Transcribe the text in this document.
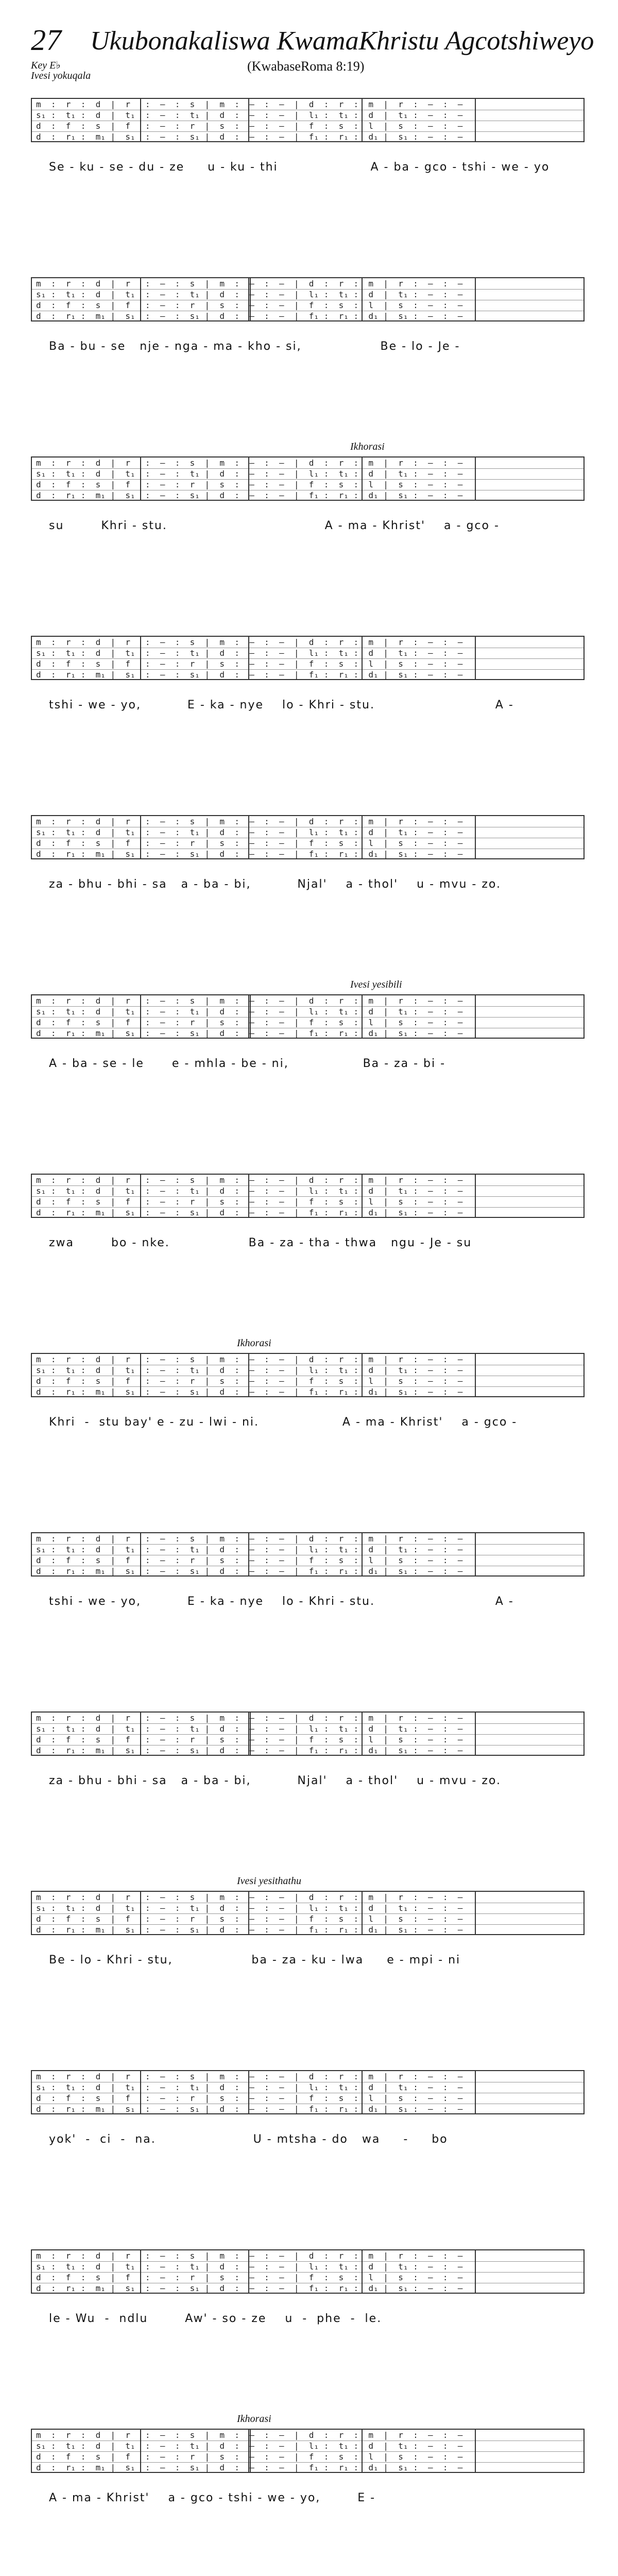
27 Ukubonakaliswa KwamaKhristu Agcotshiweyo
Key E♭
Ivesi yokuqala
(KwabaseRoma 8:19)
m  :  r  :  d  |  r   :  —  :  s  |  m  :  —  :  —  |  d  :  r  :  m  |  r  :  —  :  —
s₁ :  t₁ :  d  |  t₁  :  —  :  t₁ |  d  :  —  :  —  |  l₁ :  t₁ :  d  |  t₁ :  —  :  —
d  :  f  :  s  |  f   :  —  :  r  |  s  :  —  :  —  |  f  :  s  :  l  |  s  :  —  :  —
d  :  r₁ :  m₁ |  s₁  :  —  :  s₁ |  d  :  —  :  —  |  f₁ :  r₁ :  d₁ |  s₁ :  —  :  —
Se - ku - se - du - ze     u - ku - thi                    A - ba - gco - tshi - we - yo
m  :  r  :  d  |  r   :  —  :  s  |  m  :  —  :  —  |  d  :  r  :  m  |  r  :  —  :  —
s₁ :  t₁ :  d  |  t₁  :  —  :  t₁ |  d  :  —  :  —  |  l₁ :  t₁ :  d  |  t₁ :  —  :  —
d  :  f  :  s  |  f   :  —  :  r  |  s  :  —  :  —  |  f  :  s  :  l  |  s  :  —  :  —
d  :  r₁ :  m₁ |  s₁  :  —  :  s₁ |  d  :  —  :  —  |  f₁ :  r₁ :  d₁ |  s₁ :  —  :  —
Ba - bu - se   nje - nga - ma - kho - si,                 Be - lo - Je -
Ikhorasi
m  :  r  :  d  |  r   :  —  :  s  |  m  :  —  :  —  |  d  :  r  :  m  |  r  :  —  :  —
s₁ :  t₁ :  d  |  t₁  :  —  :  t₁ |  d  :  —  :  —  |  l₁ :  t₁ :  d  |  t₁ :  —  :  —
d  :  f  :  s  |  f   :  —  :  r  |  s  :  —  :  —  |  f  :  s  :  l  |  s  :  —  :  —
d  :  r₁ :  m₁ |  s₁  :  —  :  s₁ |  d  :  —  :  —  |  f₁ :  r₁ :  d₁ |  s₁ :  —  :  —
su        Khri - stu.                                  A - ma - Khrist'    a - gco -
m  :  r  :  d  |  r   :  —  :  s  |  m  :  —  :  —  |  d  :  r  :  m  |  r  :  —  :  —
s₁ :  t₁ :  d  |  t₁  :  —  :  t₁ |  d  :  —  :  —  |  l₁ :  t₁ :  d  |  t₁ :  —  :  —
d  :  f  :  s  |  f   :  —  :  r  |  s  :  —  :  —  |  f  :  s  :  l  |  s  :  —  :  —
d  :  r₁ :  m₁ |  s₁  :  —  :  s₁ |  d  :  —  :  —  |  f₁ :  r₁ :  d₁ |  s₁ :  —  :  —
tshi - we - yo,          E - ka - nye    lo - Khri - stu.                          A -
m  :  r  :  d  |  r   :  —  :  s  |  m  :  —  :  —  |  d  :  r  :  m  |  r  :  —  :  —
s₁ :  t₁ :  d  |  t₁  :  —  :  t₁ |  d  :  —  :  —  |  l₁ :  t₁ :  d  |  t₁ :  —  :  —
d  :  f  :  s  |  f   :  —  :  r  |  s  :  —  :  —  |  f  :  s  :  l  |  s  :  —  :  —
d  :  r₁ :  m₁ |  s₁  :  —  :  s₁ |  d  :  —  :  —  |  f₁ :  r₁ :  d₁ |  s₁ :  —  :  —
za - bhu - bhi - sa   a - ba - bi,          Njal'    a - thol'    u - mvu - zo.
Ivesi yesibili
m  :  r  :  d  |  r   :  —  :  s  |  m  :  —  :  —  |  d  :  r  :  m  |  r  :  —  :  —
s₁ :  t₁ :  d  |  t₁  :  —  :  t₁ |  d  :  —  :  —  |  l₁ :  t₁ :  d  |  t₁ :  —  :  —
d  :  f  :  s  |  f   :  —  :  r  |  s  :  —  :  —  |  f  :  s  :  l  |  s  :  —  :  —
d  :  r₁ :  m₁ |  s₁  :  —  :  s₁ |  d  :  —  :  —  |  f₁ :  r₁ :  d₁ |  s₁ :  —  :  —
A - ba - se - le      e - mhla - be - ni,                Ba - za - bi -
m  :  r  :  d  |  r   :  —  :  s  |  m  :  —  :  —  |  d  :  r  :  m  |  r  :  —  :  —
s₁ :  t₁ :  d  |  t₁  :  —  :  t₁ |  d  :  —  :  —  |  l₁ :  t₁ :  d  |  t₁ :  —  :  —
d  :  f  :  s  |  f   :  —  :  r  |  s  :  —  :  —  |  f  :  s  :  l  |  s  :  —  :  —
d  :  r₁ :  m₁ |  s₁  :  —  :  s₁ |  d  :  —  :  —  |  f₁ :  r₁ :  d₁ |  s₁ :  —  :  —
zwa        bo - nke.                 Ba - za - tha - thwa   ngu - Je - su
Ikhorasi
m  :  r  :  d  |  r   :  —  :  s  |  m  :  —  :  —  |  d  :  r  :  m  |  r  :  —  :  —
s₁ :  t₁ :  d  |  t₁  :  —  :  t₁ |  d  :  —  :  —  |  l₁ :  t₁ :  d  |  t₁ :  —  :  —
d  :  f  :  s  |  f   :  —  :  r  |  s  :  —  :  —  |  f  :  s  :  l  |  s  :  —  :  —
d  :  r₁ :  m₁ |  s₁  :  —  :  s₁ |  d  :  —  :  —  |  f₁ :  r₁ :  d₁ |  s₁ :  —  :  —
Khri  -  stu bay' e - zu - lwi - ni.                  A - ma - Khrist'    a - gco -
m  :  r  :  d  |  r   :  —  :  s  |  m  :  —  :  —  |  d  :  r  :  m  |  r  :  —  :  —
s₁ :  t₁ :  d  |  t₁  :  —  :  t₁ |  d  :  —  :  —  |  l₁ :  t₁ :  d  |  t₁ :  —  :  —
d  :  f  :  s  |  f   :  —  :  r  |  s  :  —  :  —  |  f  :  s  :  l  |  s  :  —  :  —
d  :  r₁ :  m₁ |  s₁  :  —  :  s₁ |  d  :  —  :  —  |  f₁ :  r₁ :  d₁ |  s₁ :  —  :  —
tshi - we - yo,          E - ka - nye    lo - Khri - stu.                          A -
m  :  r  :  d  |  r   :  —  :  s  |  m  :  —  :  —  |  d  :  r  :  m  |  r  :  —  :  —
s₁ :  t₁ :  d  |  t₁  :  —  :  t₁ |  d  :  —  :  —  |  l₁ :  t₁ :  d  |  t₁ :  —  :  —
d  :  f  :  s  |  f   :  —  :  r  |  s  :  —  :  —  |  f  :  s  :  l  |  s  :  —  :  —
d  :  r₁ :  m₁ |  s₁  :  —  :  s₁ |  d  :  —  :  —  |  f₁ :  r₁ :  d₁ |  s₁ :  —  :  —
za - bhu - bhi - sa   a - ba - bi,          Njal'    a - thol'    u - mvu - zo.
Ivesi yesithathu
m  :  r  :  d  |  r   :  —  :  s  |  m  :  —  :  —  |  d  :  r  :  m  |  r  :  —  :  —
s₁ :  t₁ :  d  |  t₁  :  —  :  t₁ |  d  :  —  :  —  |  l₁ :  t₁ :  d  |  t₁ :  —  :  —
d  :  f  :  s  |  f   :  —  :  r  |  s  :  —  :  —  |  f  :  s  :  l  |  s  :  —  :  —
d  :  r₁ :  m₁ |  s₁  :  —  :  s₁ |  d  :  —  :  —  |  f₁ :  r₁ :  d₁ |  s₁ :  —  :  —
Be - lo - Khri - stu,                 ba - za - ku - lwa     e - mpi - ni
m  :  r  :  d  |  r   :  —  :  s  |  m  :  —  :  —  |  d  :  r  :  m  |  r  :  —  :  —
s₁ :  t₁ :  d  |  t₁  :  —  :  t₁ |  d  :  —  :  —  |  l₁ :  t₁ :  d  |  t₁ :  —  :  —
d  :  f  :  s  |  f   :  —  :  r  |  s  :  —  :  —  |  f  :  s  :  l  |  s  :  —  :  —
d  :  r₁ :  m₁ |  s₁  :  —  :  s₁ |  d  :  —  :  —  |  f₁ :  r₁ :  d₁ |  s₁ :  —  :  —
yok'  -  ci  -  na.                     U - mtsha - do   wa     -     bo
m  :  r  :  d  |  r   :  —  :  s  |  m  :  —  :  —  |  d  :  r  :  m  |  r  :  —  :  —
s₁ :  t₁ :  d  |  t₁  :  —  :  t₁ |  d  :  —  :  —  |  l₁ :  t₁ :  d  |  t₁ :  —  :  —
d  :  f  :  s  |  f   :  —  :  r  |  s  :  —  :  —  |  f  :  s  :  l  |  s  :  —  :  —
d  :  r₁ :  m₁ |  s₁  :  —  :  s₁ |  d  :  —  :  —  |  f₁ :  r₁ :  d₁ |  s₁ :  —  :  —
le - Wu  -  ndlu        Aw' - so - ze    u  -  phe  -  le.
Ikhorasi
m  :  r  :  d  |  r   :  —  :  s  |  m  :  —  :  —  |  d  :  r  :  m  |  r  :  —  :  —
s₁ :  t₁ :  d  |  t₁  :  —  :  t₁ |  d  :  —  :  —  |  l₁ :  t₁ :  d  |  t₁ :  —  :  —
d  :  f  :  s  |  f   :  —  :  r  |  s  :  —  :  —  |  f  :  s  :  l  |  s  :  —  :  —
d  :  r₁ :  m₁ |  s₁  :  —  :  s₁ |  d  :  —  :  —  |  f₁ :  r₁ :  d₁ |  s₁ :  —  :  —
A - ma - Khrist'    a - gco - tshi - we - yo,        E -
